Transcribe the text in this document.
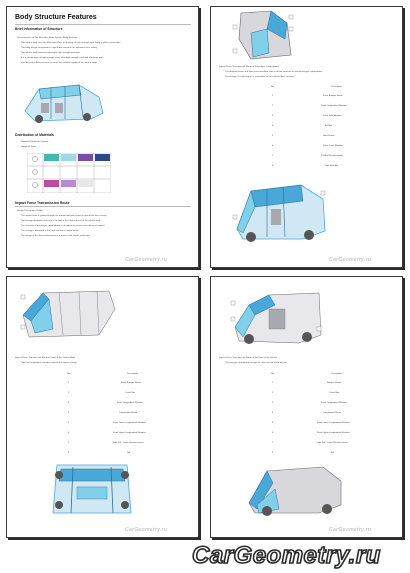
Body Structure Features
Brief Information of Structure
Characteristics of The Mercedes-Benz Sprinter Body Structure
The vehicle body uses the Mercedes-Benz technology of high-strength steel body in white construction
The body design incorporates a rigid frame structure for improved crash safety
The vehicle body features lightweight high-strength materials
It is a combination of high-strength steel, ultra-high-strength steel and aluminum parts
The Mercedes-Benz structure ensures the torsional rigidity of the vehicle body
Distribution of Materials
Material Distribution Legend
Range of Types
Impact Force Transmission Route
Design Description Outline
The impact force is guided through the robust load path frame to spread the force evenly
The energy absorption structure is located at the front and rear of the vehicle body
The structure of passenger compartment is designed to remain intact during an impact
The energy is absorbed at the front and rear crumple zones
The design of the door reinforcements improves side impact protection
CarGeometry.ru
Impact Force Transmission Route of Passenger Compartment
The diagonal frame and floor cross members form a closed structure for the passenger compartment
The energy of a side impact is transmitted to the roof and floor structure
No.	Description
1	Front Bumper Beam
2	Front Longitudinal Member
3	Front Side Member
4	A-Pillar
5	Roof Frame
6	Floor Cross Member
7	B-Pillar Reinforcement
8	Side Member
CarGeometry.ru
Impact Force Transmission Route in Front of the Vehicle Body
The front longitudinal members absorb the impact energy
No.	Description
1	Front Bumper Beam
2	Crash Box
3	Front Longitudinal Member
4	Longitudinal Beam
5	Front Lower Longitudinal Member
6	Front Upper Longitudinal Member
7	Side Sill - Lower Reinforcement
8	Sill
CarGeometry.ru
Impact Force Transmission Route of the Front of the Vehicle
The energy is distributed through the front section of the vehicle
No.	Description
1	Bumper Beam
2	Crash Box
3	Front Longitudinal Member
4	Longitudinal Beam
5	Front Lower Longitudinal Member
6	Front Upper Longitudinal Member
7	Side Sill - Lower Reinforcement
8	Sill
CarGeometry.ru
CarGeometry.ru
